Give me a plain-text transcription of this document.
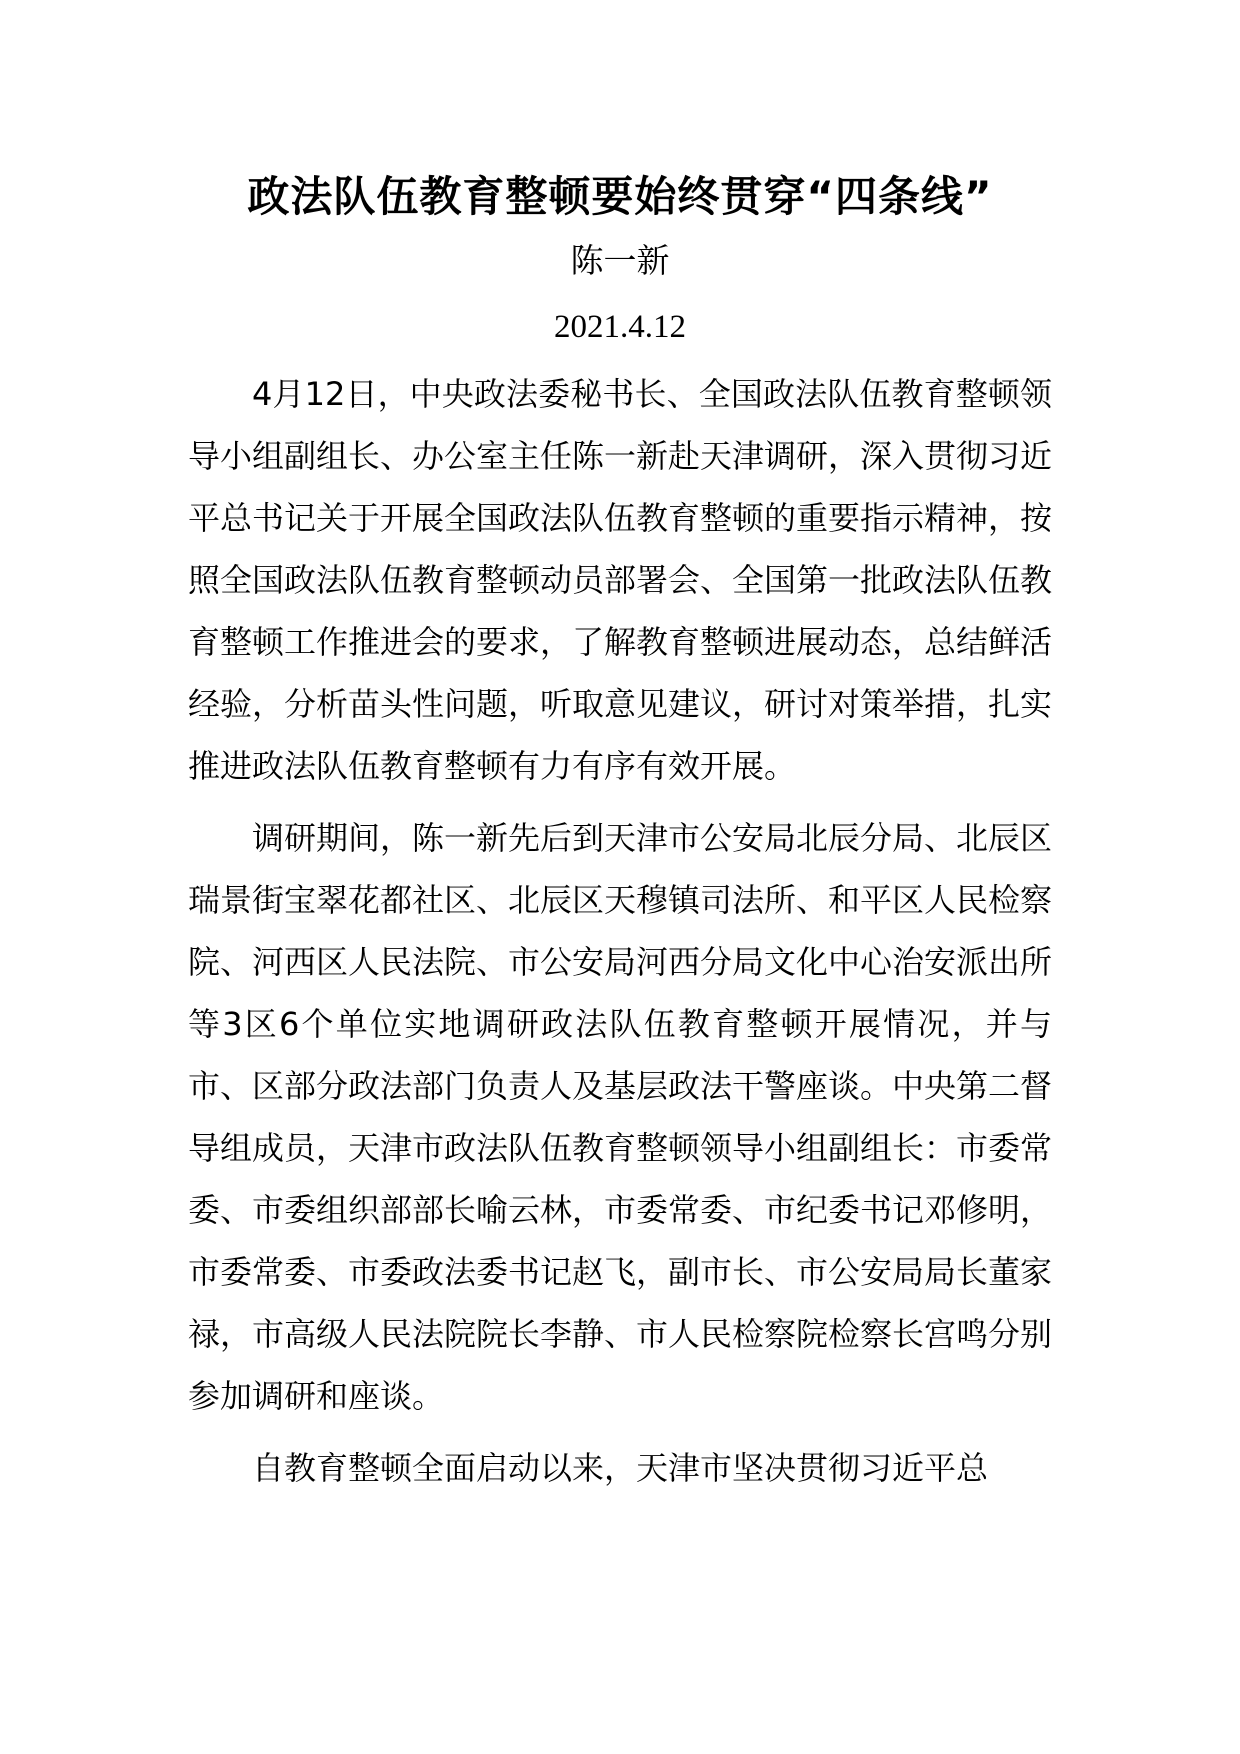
政法队伍教育整顿要始终贯穿“四条线”
陈一新
2021.4.12

4月12日，中央政法委秘书长、全国政法队伍教育整顿领导小组副组长、办公室主任陈一新赴天津调研，深入贯彻习近平总书记关于开展全国政法队伍教育整顿的重要指示精神，按照全国政法队伍教育整顿动员部署会、全国第一批政法队伍教育整顿工作推进会的要求，了解教育整顿进展动态，总结鲜活经验，分析苗头性问题，听取意见建议，研讨对策举措，扎实推进政法队伍教育整顿有力有序有效开展。

调研期间，陈一新先后到天津市公安局北辰分局、北辰区瑞景街宝翠花都社区、北辰区天穆镇司法所、和平区人民检察院、河西区人民法院、市公安局河西分局文化中心治安派出所等3区6个单位实地调研政法队伍教育整顿开展情况，并与市、区部分政法部门负责人及基层政法干警座谈。中央第二督导组成员，天津市政法队伍教育整顿领导小组副组长：市委常委、市委组织部部长喻云林，市委常委、市纪委书记邓修明，市委常委、市委政法委书记赵飞，副市长、市公安局局长董家禄，市高级人民法院院长李静、市人民检察院检察长宫鸣分别参加调研和座谈。

自教育整顿全面启动以来，天津市坚决贯彻习近平总
